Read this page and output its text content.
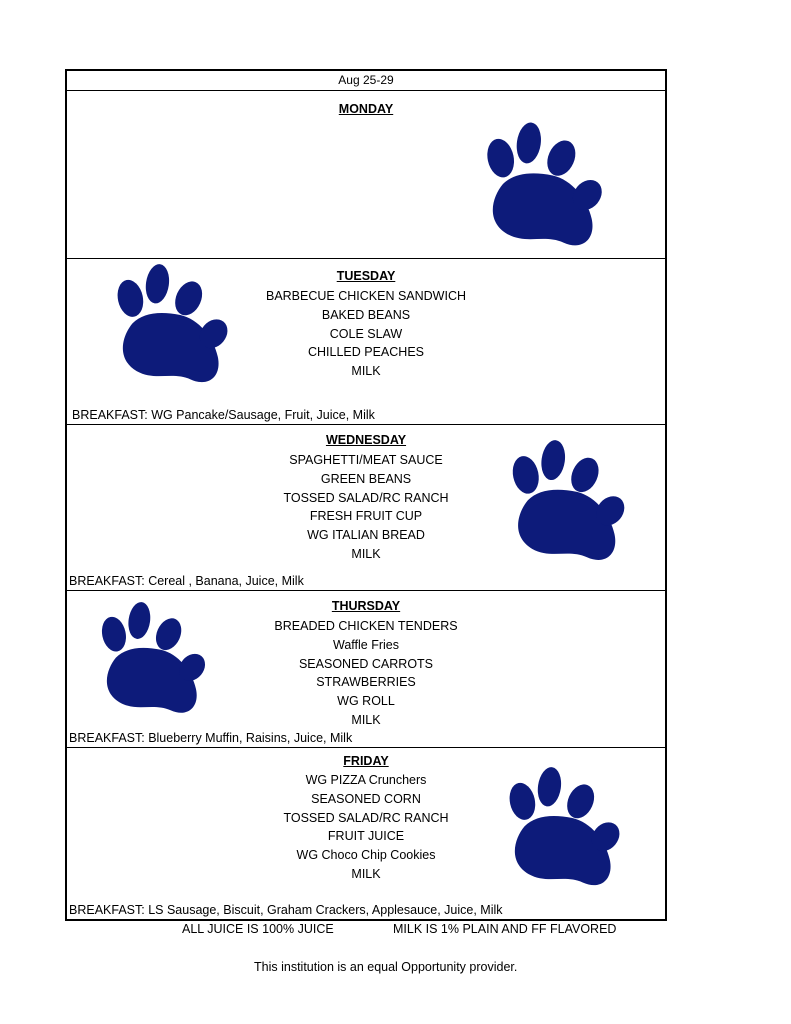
Aug 25-29
MONDAY
TUESDAY
BARBECUE CHICKEN SANDWICH
BAKED BEANS
COLE SLAW
CHILLED PEACHES
MILK
BREAKFAST: WG Pancake/Sausage, Fruit, Juice, Milk
WEDNESDAY
SPAGHETTI/MEAT SAUCE
GREEN BEANS
TOSSED SALAD/RC RANCH
FRESH FRUIT CUP
WG ITALIAN BREAD
MILK
BREAKFAST: Cereal , Banana, Juice, Milk
THURSDAY
BREADED CHICKEN TENDERS
Waffle Fries
SEASONED CARROTS
STRAWBERRIES
WG ROLL
MILK
BREAKFAST: Blueberry Muffin, Raisins, Juice, Milk
FRIDAY
WG PIZZA Crunchers
SEASONED CORN
TOSSED SALAD/RC RANCH
FRUIT JUICE
WG Choco Chip Cookies
MILK
BREAKFAST: LS Sausage, Biscuit, Graham Crackers, Applesauce, Juice, Milk
ALL JUICE IS 100% JUICE	MILK IS 1% PLAIN AND FF FLAVORED
This institution is an equal Opportunity provider.
